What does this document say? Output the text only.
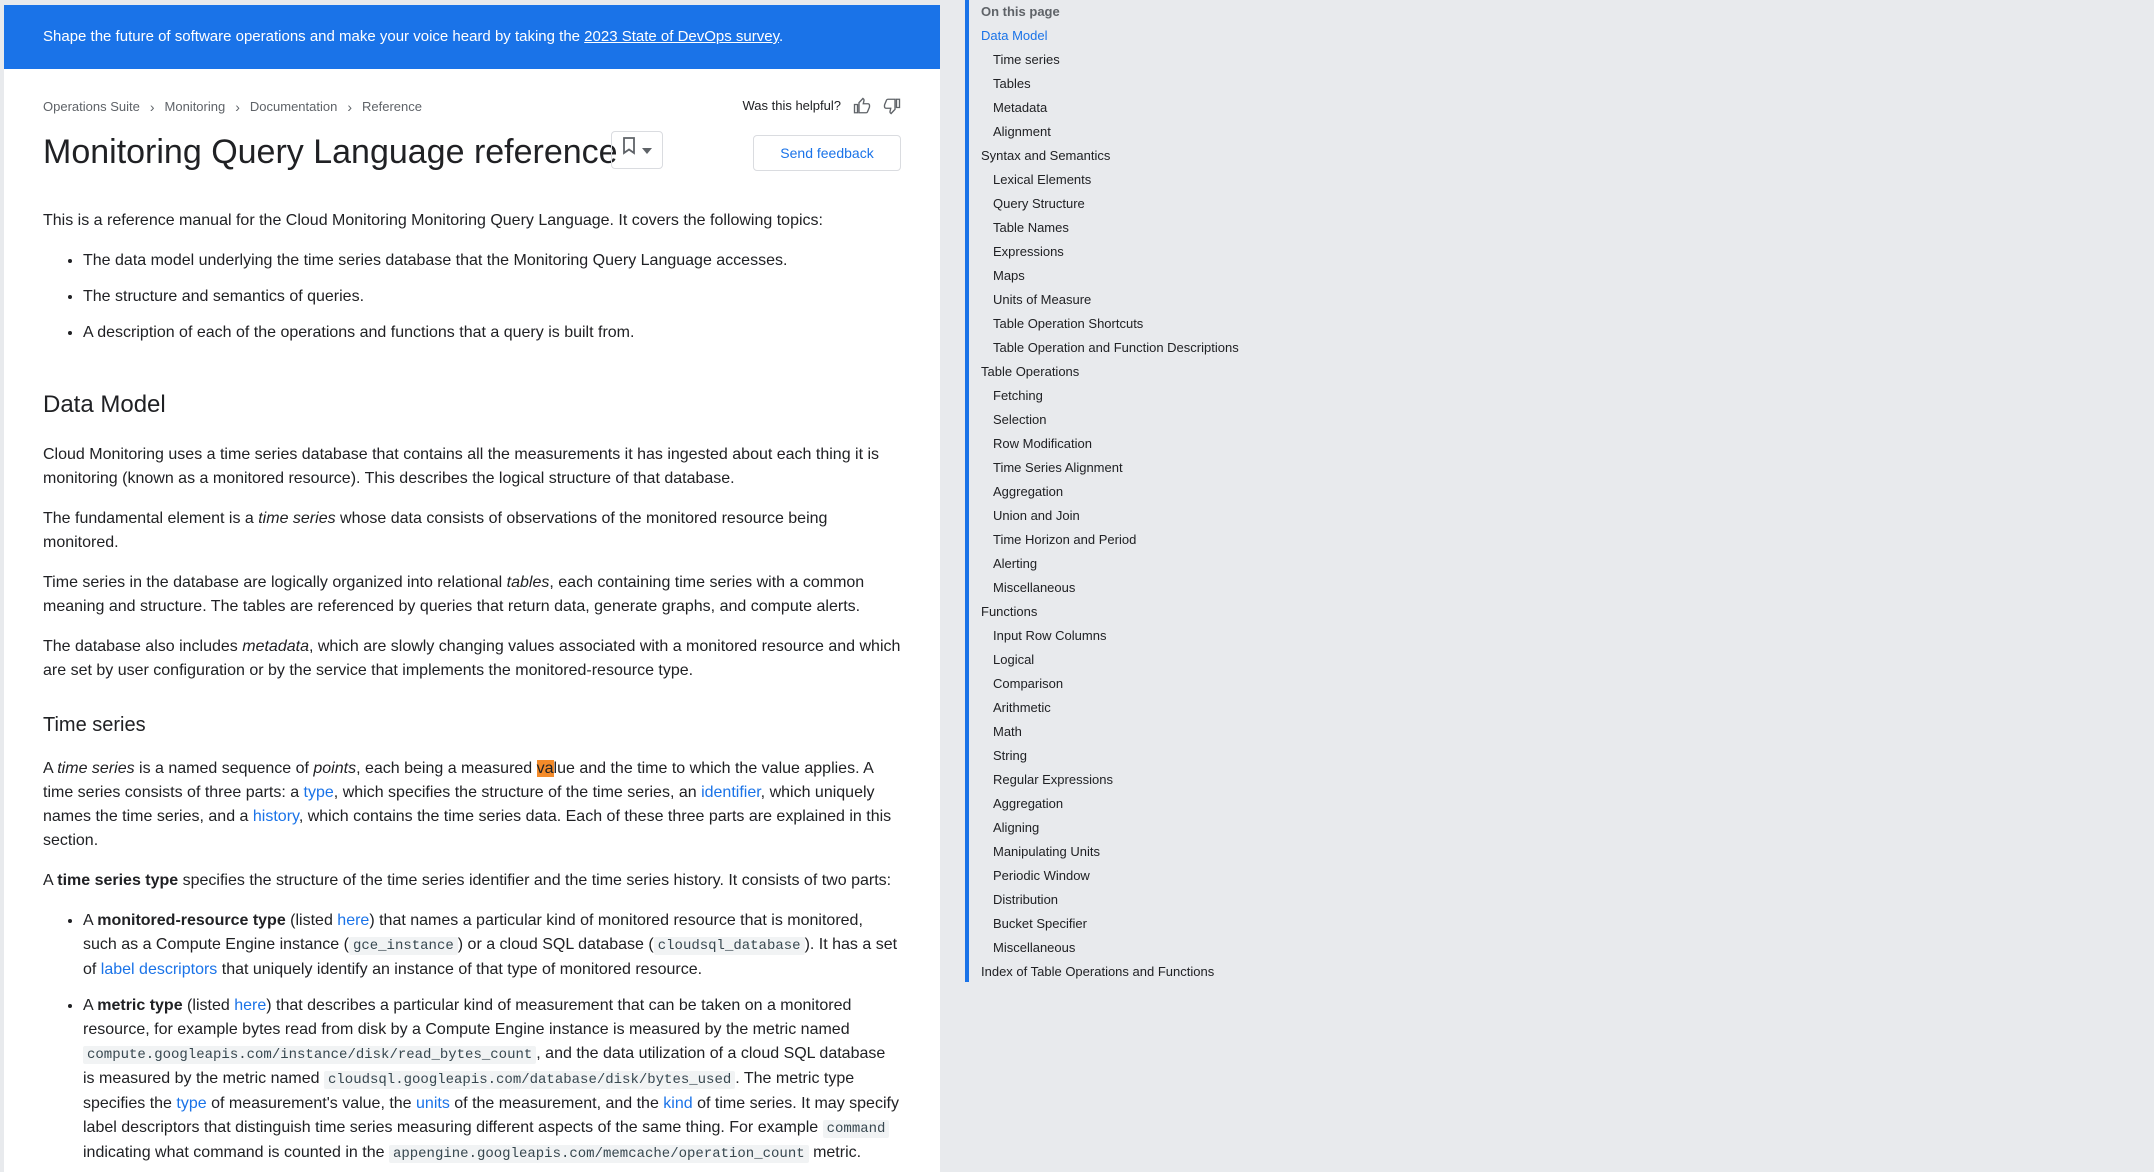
Shape the future of software operations and make your voice heard by taking the 2023 State of DevOps survey.
Operations Suite › Monitoring › Documentation › Reference	Was this helpful?
Monitoring Query Language reference	Send feedback

This is a reference manual for the Cloud Monitoring Monitoring Query Language. It covers the following topics:

• The data model underlying the time series database that the Monitoring Query Language accesses.
• The structure and semantics of queries.
• A description of each of the operations and functions that a query is built from.
Data Model

Cloud Monitoring uses a time series database that contains all the measurements it has ingested about each thing it is monitoring (known as a monitored resource). This describes the logical structure of that database.

The fundamental element is a time series whose data consists of observations of the monitored resource being monitored.

Time series in the database are logically organized into relational tables, each containing time series with a common meaning and structure. The tables are referenced by queries that return data, generate graphs, and compute alerts.

The database also includes metadata, which are slowly changing values associated with a monitored resource and which are set by user configuration or by the service that implements the monitored-resource type.

Time series

A time series is a named sequence of points, each being a measured value and the time to which the value applies. A time series consists of three parts: a type, which specifies the structure of the time series, an identifier, which uniquely names the time series, and a history, which contains the time series data. Each of these three parts are explained in this section.

A time series type specifies the structure of the time series identifier and the time series history. It consists of two parts:

• A monitored-resource type (listed here) that names a particular kind of monitored resource that is monitored, such as a Compute Engine instance ( gce_instance ) or a cloud SQL database ( cloudsql_database ). It has a set of label descriptors that uniquely identify an instance of that type of monitored resource.
• A metric type (listed here) that describes a particular kind of measurement that can be taken on a monitored resource, for example bytes read from disk by a Compute Engine instance is measured by the metric named compute.googleapis.com/instance/disk/read_bytes_count , and the data utilization of a cloud SQL database is measured by the metric named cloudsql.googleapis.com/database/disk/bytes_used . The metric type specifies the type of measurement's value, the units of the measurement, and the kind of time series. It may specify label descriptors that distinguish time series measuring different aspects of the same thing. For example command indicating what command is counted in the appengine.googleapis.com/memcache/operation_count metric.
On this page
Data Model
Time series
Tables
Metadata
Alignment
Syntax and Semantics
Lexical Elements
Query Structure
Table Names
Expressions
Maps
Units of Measure
Table Operation Shortcuts
Table Operation and Function Descriptions
Table Operations
Fetching
Selection
Row Modification
Time Series Alignment
Aggregation
Union and Join
Time Horizon and Period
Alerting
Miscellaneous
Functions
Input Row Columns
Logical
Comparison
Arithmetic
Math
String
Regular Expressions
Aggregation
Aligning
Manipulating Units
Periodic Window
Distribution
Bucket Specifier
Miscellaneous
Index of Table Operations and Functions
